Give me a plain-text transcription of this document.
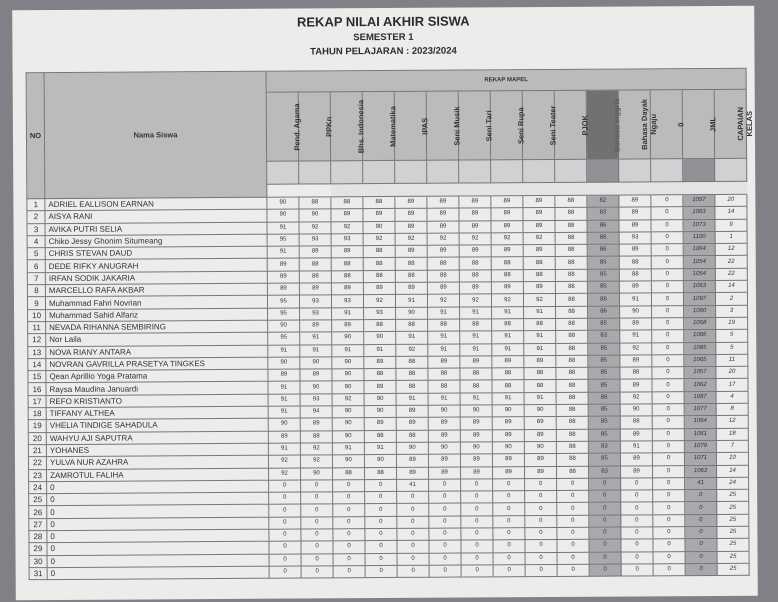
REKAP NILAI AKHIR SISWA
SEMESTER 1
TAHUN PELAJARAN : 2023/2024
NO	Nama Siswa	REKAP MAPEL															
		Pend. Agama	PPKn	Bhs. Indonesia	Matematika	IPAS	Seni Musik	Seni Tari	Seni Rupa	Seni Teater	PJOK	Bahasa Inggris	Bahasa Dayak Ngaju	0	JML	CAPAIAN KELAS	

1	ADRIEL EALLISON EARNAN	90	88	88	88	89	89	89	89	89	88	82	89	0	1057	20	
2	AISYA RANI	90	90	89	89	89	89	89	89	89	88	83	89	0	1063	14	
3	AVIKA PUTRI SELIA	91	92	92	90	89	89	89	89	89	88	86	89	0	1073	9	
4	Chiko Jessy Ghonim Situmeang	95	93	93	92	92	92	92	92	92	88	86	93	0	1100	1	
5	CHRIS STEVAN DAUD	91	89	89	88	89	89	89	89	89	88	86	89	0	1064	12	
6	DEDE RIFKY ANUGRAH	89	88	88	88	88	88	88	88	88	88	85	88	0	1054	22	
7	IRFAN SODIK JAKARIA	89	88	88	88	88	88	88	88	88	88	85	88	0	1054	22	
8	MARCELLO RAFA AKBAR	89	89	89	89	89	89	89	89	89	88	85	89	0	1063	14	
9	Muhammad Fahri Novrian	95	93	93	92	91	92	92	92	92	88	86	91	0	1097	2	
10	Muhammad Sahid Alfariz	95	93	91	93	90	91	91	91	91	88	86	90	0	1090	3	
11	NEVADA RIHANNA SEMBIRING	90	89	89	88	88	88	88	88	88	88	85	89	0	1058	19	
12	Nor Laila	95	91	90	90	91	91	91	91	91	88	83	91	0	1085	5	
13	NOVA RIANY ANTARA	91	91	91	91	92	91	91	91	91	88	85	92	0	1085	5	
14	NOVRAN GAVRILLA PRASETYA TINGKES	90	90	90	89	88	89	89	89	89	88	85	89	0	1065	11	
15	Qean Aprillio Yoga Pratama	89	89	90	88	88	88	88	88	88	88	85	88	0	1057	20	
16	Raysa Maudina Januardi	91	90	90	89	88	88	88	88	88	88	85	89	0	1062	17	
17	REFO KRISTIANTO	91	93	92	90	91	91	91	91	91	88	86	92	0	1087	4	
18	TIFFANY ALTHEA	91	94	90	90	89	90	90	90	90	88	85	90	0	1077	8	
19	VHELIA TINDIGE SAHADULA	90	89	90	89	89	89	89	89	89	88	85	88	0	1064	12	
20	WAHYU AJI SAPUTRA	89	88	90	88	88	89	89	89	89	88	85	89	0	1061	18	
21	YOHANES	91	92	91	91	90	90	90	90	90	88	83	91	0	1079	7	
22	YULVA NUR AZAHRA	92	92	90	90	89	89	89	89	89	88	85	89	0	1071	10	
23	ZAMROTUL FALIHA	92	90	88	88	89	89	89	89	89	88	83	89	0	1063	14	
24	0	0	0	0	0	41	0	0	0	0	0	0	0	0	41	24	
25	0	0	0	0	0	0	0	0	0	0	0	0	0	0	0	25	
26	0	0	0	0	0	0	0	0	0	0	0	0	0	0	0	25	
27	0	0	0	0	0	0	0	0	0	0	0	0	0	0	0	25	
28	0	0	0	0	0	0	0	0	0	0	0	0	0	0	0	25	
29	0	0	0	0	0	0	0	0	0	0	0	0	0	0	0	25	
30	0	0	0	0	0	0	0	0	0	0	0	0	0	0	0	25	
31	0	0	0	0	0	0	0	0	0	0	0	0	0	0	0	25	
